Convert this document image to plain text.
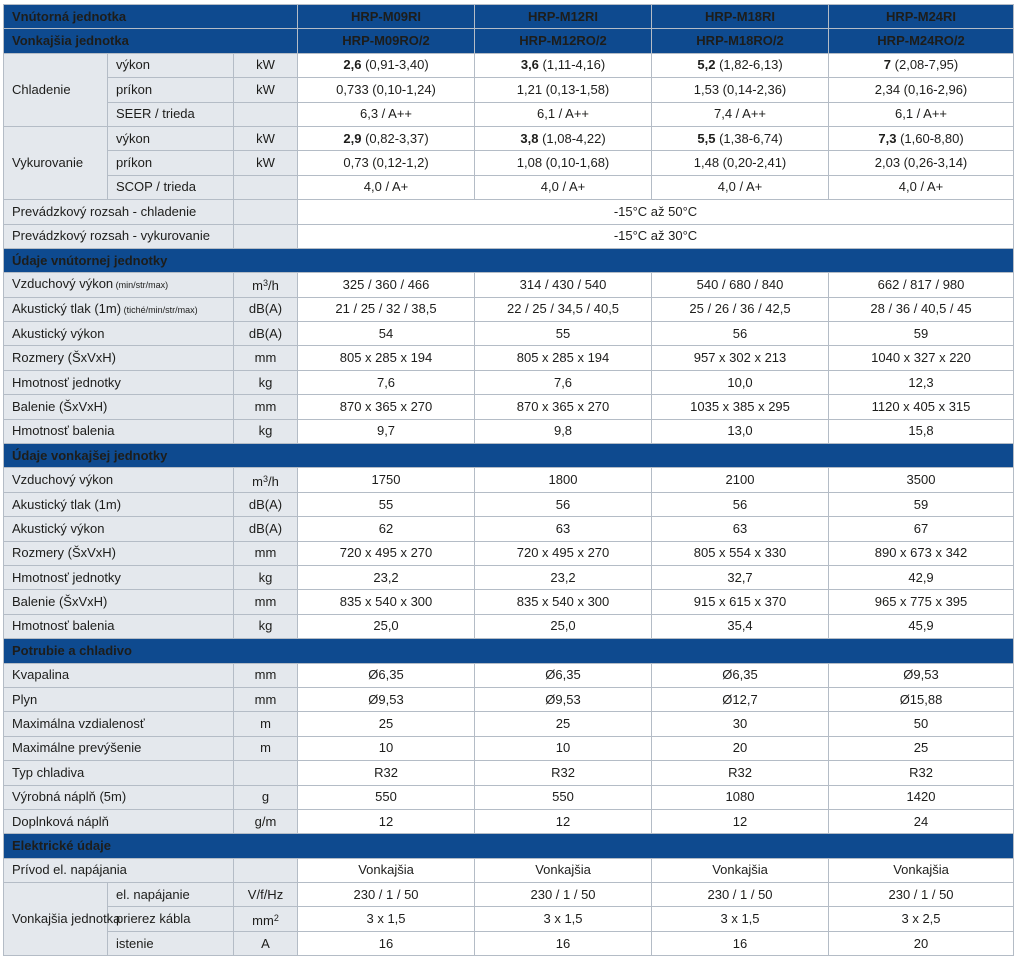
Vnútorná jednotka			HRP-M09RI	HRP-M12RI	HRP-M18RI	HRP-M24RI
Vonkajšia jednotka			HRP-M09RO/2	HRP-M12RO/2	HRP-M18RO/2	HRP-M24RO/2
Chladenie	výkon	kW	2,6 (0,91-3,40)	3,6 (1,11-4,16)	5,2 (1,82-6,13)	7 (2,08-7,95)
	príkon	kW	0,733 (0,10-1,24)	1,21 (0,13-1,58)	1,53 (0,14-2,36)	2,34 (0,16-2,96)
	SEER / trieda		6,3 / A++	6,1 / A++	7,4 / A++	6,1 / A++
Vykurovanie	výkon	kW	2,9 (0,82-3,37)	3,8 (1,08-4,22)	5,5 (1,38-6,74)	7,3 (1,60-8,80)
	príkon	kW	0,73 (0,12-1,2)	1,08 (0,10-1,68)	1,48 (0,20-2,41)	2,03 (0,26-3,14)
	SCOP / trieda		4,0 / A+	4,0 / A+	4,0 / A+	4,0 / A+
Prevádzkový rozsah - chladenie			-15°C až 50°C			
Prevádzkový rozsah - vykurovanie			-15°C až 30°C			
Údaje vnútornej jednotky						
Vzduchový výkon (min/str/max)		$m^3/h$	325 / 360 / 466	314 / 430 / 540	540 / 680 / 840	662 / 817 / 980
Akustický tlak (1m) (tiché/min/str/max)		dB(A)	21 / 25 / 32 / 38,5	22 / 25 / 34,5 / 40,5	25 / 26 / 36 / 42,5	28 / 36 / 40,5 / 45
Akustický výkon		dB(A)	54	55	56	59
Rozmery (ŠxVxH)		mm	805 x 285 x 194	805 x 285 x 194	957 x 302 x 213	1040 x 327 x 220
Hmotnosť jednotky		kg	7,6	7,6	10,0	12,3
Balenie (ŠxVxH)		mm	870 x 365 x 270	870 x 365 x 270	1035 x 385 x 295	1120 x 405 x 315
Hmotnosť balenia		kg	9,7	9,8	13,0	15,8
Údaje vonkajšej jednotky						
Vzduchový výkon		$m^3/h$	1750	1800	2100	3500
Akustický tlak (1m)		dB(A)	55	56	56	59
Akustický výkon		dB(A)	62	63	63	67
Rozmery (ŠxVxH)		mm	720 x 495 x 270	720 x 495 x 270	805 x 554 x 330	890 x 673 x 342
Hmotnosť jednotky		kg	23,2	23,2	32,7	42,9
Balenie (ŠxVxH)		mm	835 x 540 x 300	835 x 540 x 300	915 x 615 x 370	965 x 775 x 395
Hmotnosť balenia		kg	25,0	25,0	35,4	45,9
Potrubie a chladivo						
Kvapalina		mm	Ø6,35	Ø6,35	Ø6,35	Ø9,53
Plyn		mm	Ø9,53	Ø9,53	Ø12,7	Ø15,88
Maximálna vzdialenosť		m	25	25	30	50
Maximálne prevýšenie		m	10	10	20	25
Typ chladiva			R32	R32	R32	R32
Výrobná náplň (5m)		g	550	550	1080	1420
Doplnková náplň		g/m	12	12	12	24
Elektrické údaje						
Prívod el. napájania			Vonkajšia	Vonkajšia	Vonkajšia	Vonkajšia
Vonkajšia jednotka	el. napájanie	V/f/Hz	230 / 1 / 50	230 / 1 / 50	230 / 1 / 50	230 / 1 / 50
	prierez kábla	$mm^2$	3 x 1,5	3 x 1,5	3 x 1,5	3 x 2,5
	istenie	A	16	16	16	20
